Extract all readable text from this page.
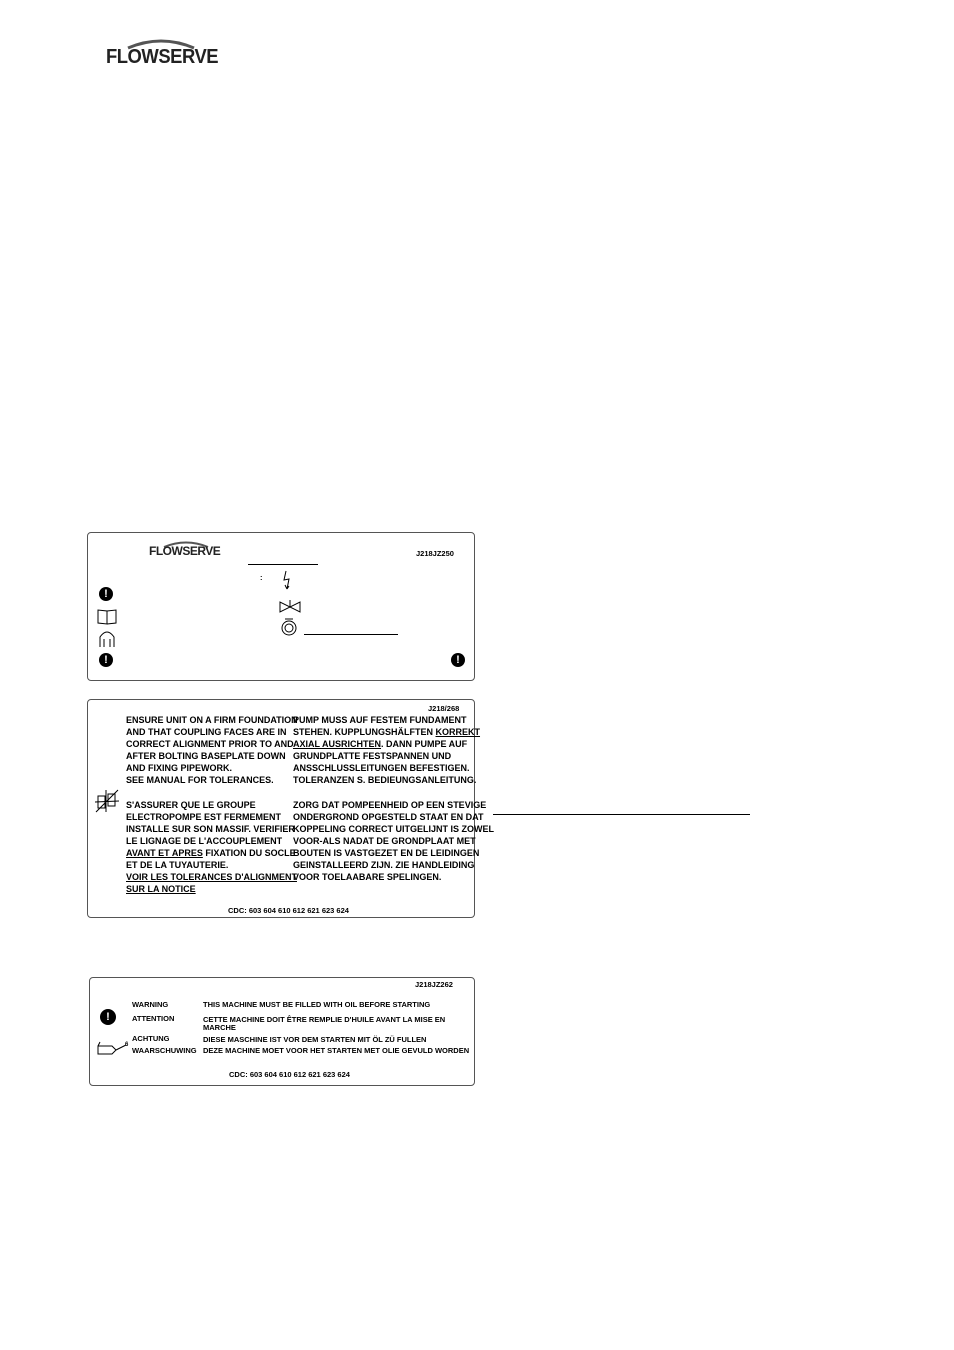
FLOWSERVE
FLOWSERVE	J218JZ250
:
!
!	!
J218/268
ENSURE UNIT ON A FIRM FOUNDATION
AND THAT COUPLING FACES ARE IN
CORRECT ALIGNMENT PRIOR TO AND
AFTER BOLTING BASEPLATE DOWN
AND FIXING PIPEWORK.
SEE MANUAL FOR TOLERANCES.
PUMP MUSS AUF FESTEM FUNDAMENT
STEHEN. KUPPLUNGSHÄLFTEN KORREKT
AXIAL AUSRICHTEN. DANN PUMPE AUF
GRUNDPLATTE FESTSPANNEN UND
ANSSCHLUSSLEITUNGEN BEFESTIGEN.
TOLERANZEN S. BEDIEUNGSANLEITUNG.
S'ASSURER QUE LE GROUPE
ELECTROPOMPE EST FERMEMENT
INSTALLE SUR SON MASSIF. VERIFIER
LE LIGNAGE DE L'ACCOUPLEMENT
AVANT ET APRES FIXATION DU SOCLE
ET DE LA TUYAUTERIE.
VOIR LES TOLERANCES D'ALIGNMENT
SUR LA NOTICE
ZORG DAT POMPEENHEID OP EEN STEVIGE
ONDERGROND OPGESTELD STAAT EN DAT
KOPPELING CORRECT UITGELIJNT IS ZOWEL
VOOR-ALS NADAT DE GRONDPLAAT MET
BOUTEN IS VASTGEZET EN DE LEIDINGEN
GEINSTALLEERD ZIJN. ZIE HANDLEIDING
VOOR TOELAABARE SPELINGEN.
CDC: 603 604 610 612 621 623 624
J218JZ262
!
6
WARNING	THIS MACHINE MUST BE FILLED WITH OIL BEFORE STARTING
ATTENTION	CETTE MACHINE DOIT ÊTRE REMPLIE D'HUILE AVANT LA MISE EN
MARCHE
ACHTUNG	DIESE MASCHINE IST VOR DEM STARTEN MIT ÖL ZÜ FULLEN
WAARSCHUWING DEZE MACHINE MOET VOOR HET STARTEN MET OLIE GEVULD WORDEN
CDC: 603 604 610 612 621 623 624
